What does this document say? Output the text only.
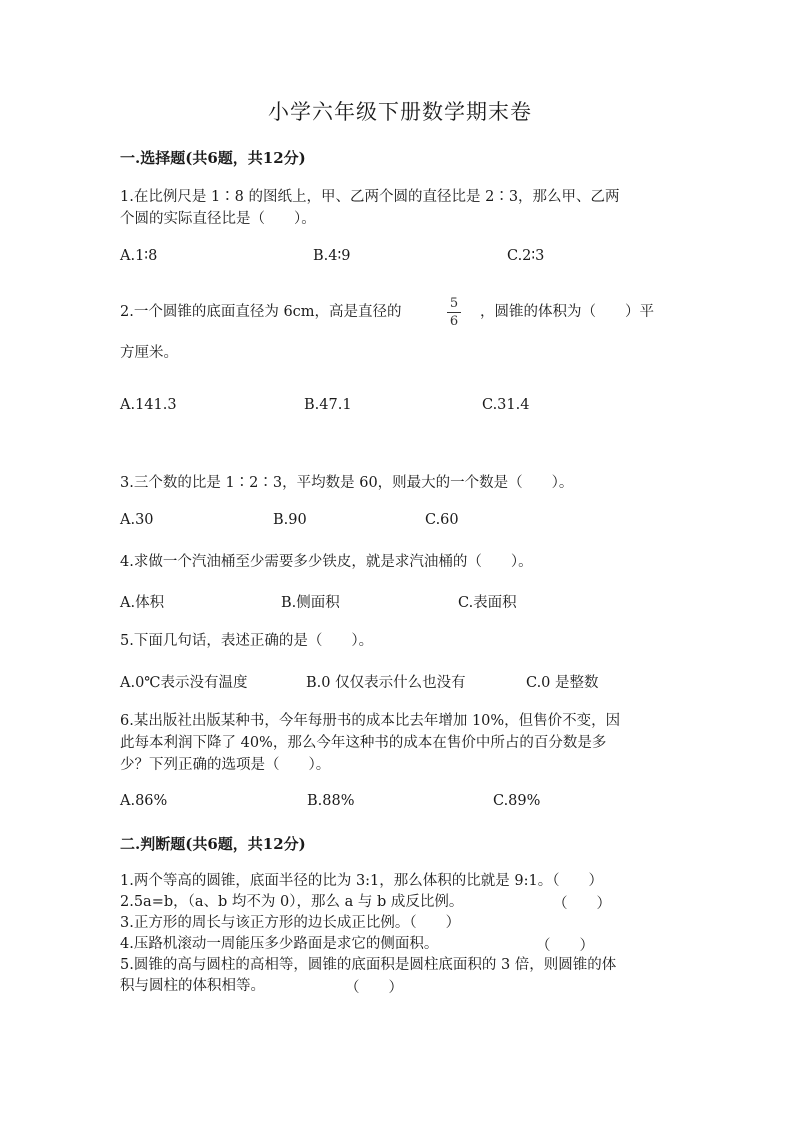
小学六年级下册数学期末卷
一.选择题(共6题，共12分)
1.在比例尺是 1∶8 的图纸上，甲、乙两个圆的直径比是 2∶3，那么甲、乙两
个圆的实际直径比是（　　）。
A.1∶8	B.4∶9	C.2∶3
2.一个圆锥的底面直径为 6cm，高是直径的
5
6
，圆锥的体积为（　　）平
方厘米。
A.141.3	B.47.1	C.31.4
3.三个数的比是 1∶2∶3，平均数是 60，则最大的一个数是（　　）。
A.30	B.90	C.60
4.求做一个汽油桶至少需要多少铁皮，就是求汽油桶的（　　）。
A.体积	B.侧面积	C.表面积
5.下面几句话，表述正确的是（　　）。
A.0℃表示没有温度	B.0 仅仅表示什么也没有	C.0 是整数
6.某出版社出版某种书，今年每册书的成本比去年增加 10%，但售价不变，因
此每本利润下降了 40%，那么今年这种书的成本在售价中所占的百分数是多
少？下列正确的选项是（　　）。
A.86%	B.88%	C.89%
二.判断题(共6题，共12分)
1.两个等高的圆锥，底面半径的比为 3:1，那么体积的比就是 9:1。（　　）
2.5a=b，（a、b 均不为 0），那么 a 与 b 成反比例。	（　　）
3.正方形的周长与该正方形的边长成正比例。（　　）
4.压路机滚动一周能压多少路面是求它的侧面积。	（　　）
5.圆锥的高与圆柱的高相等，圆锥的底面积是圆柱底面积的 3 倍，则圆锥的体
积与圆柱的体积相等。	（　　）
